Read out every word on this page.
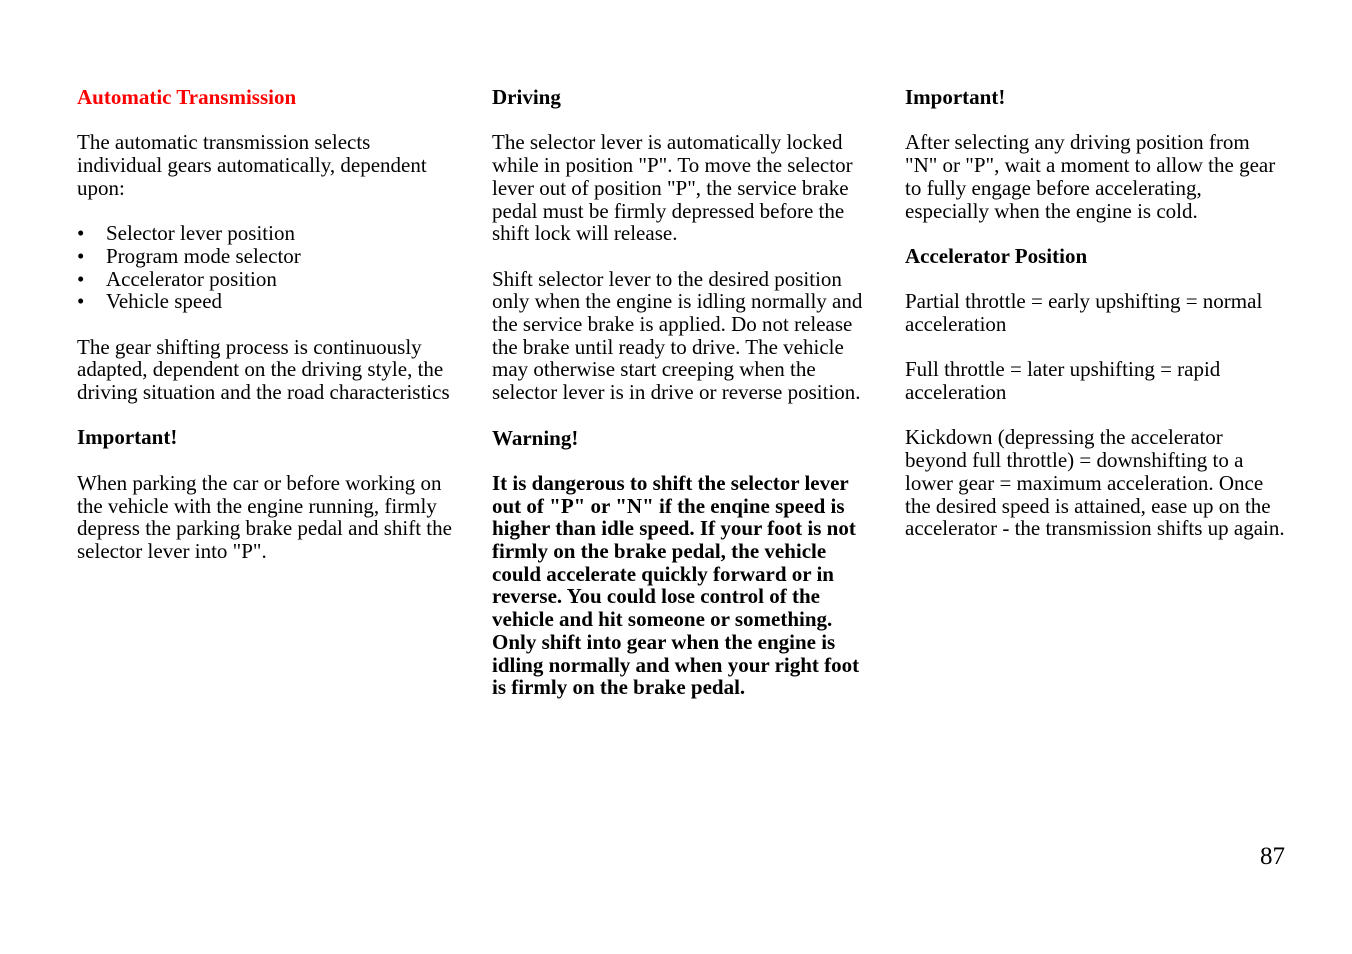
Automatic Transmission

The automatic transmission selects individual gears automatically, dependent upon:

• Selector lever position
• Program mode selector
• Accelerator position
• Vehicle speed

The gear shifting process is continuously adapted, dependent on the driving style, the driving situation and the road characteristics

Important!

When parking the car or before working on the vehicle with the engine running, firmly depress the parking brake pedal and shift the selector lever into "P".

Driving

The selector lever is automatically locked while in position "P". To move the selector lever out of position "P", the service brake pedal must be firmly depressed before the shift lock will release.

Shift selector lever to the desired position only when the engine is idling normally and the service brake is applied. Do not release the brake until ready to drive. The vehicle may otherwise start creeping when the selector lever is in drive or reverse position.

Warning!

It is dangerous to shift the selector lever out of "P" or "N" if the enqine speed is higher than idle speed. If your foot is not firmly on the brake pedal, the vehicle could accelerate quickly forward or in reverse. You could lose control of the vehicle and hit someone or something. Only shift into gear when the engine is idling normally and when your right foot is firmly on the brake pedal.

Important!

After selecting any driving position from "N" or "P", wait a moment to allow the gear to fully engage before accelerating, especially when the engine is cold.

Accelerator Position

Partial throttle = early upshifting = normal acceleration

Full throttle = later upshifting = rapid acceleration

Kickdown (depressing the accelerator beyond full throttle) = downshifting to a lower gear = maximum acceleration. Once the desired speed is attained, ease up on the accelerator - the transmission shifts up again.

87
